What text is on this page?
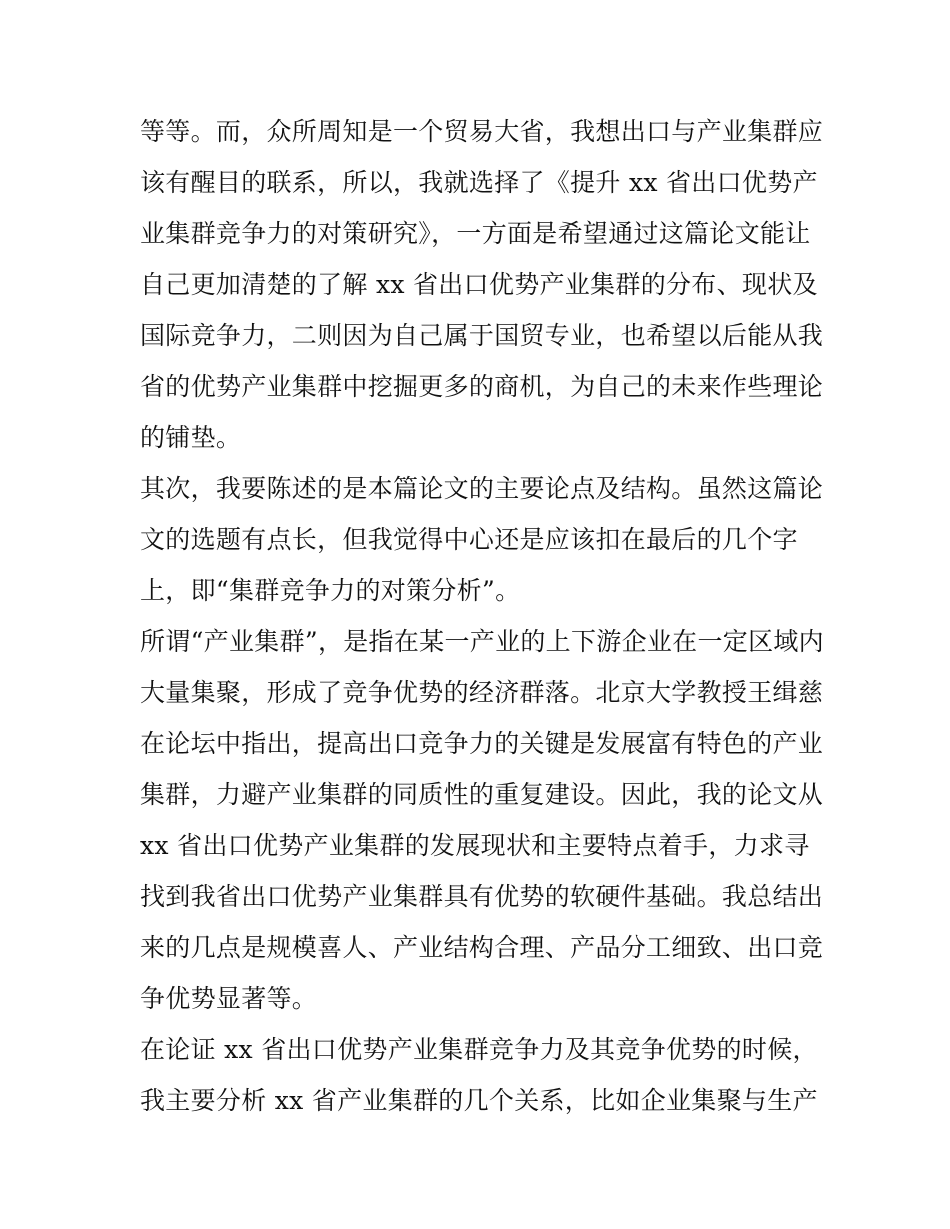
等等。而，众所周知是一个贸易大省，我想出口与产业集群应
该有醒目的联系，所以，我就选择了《提升 xx 省出口优势产
业集群竞争力的对策研究》，一方面是希望通过这篇论文能让
自己更加清楚的了解 xx 省出口优势产业集群的分布、现状及
国际竞争力，二则因为自己属于国贸专业，也希望以后能从我
省的优势产业集群中挖掘更多的商机，为自己的未来作些理论
的铺垫。
其次，我要陈述的是本篇论文的主要论点及结构。虽然这篇论
文的选题有点长，但我觉得中心还是应该扣在最后的几个字
上，即“集群竞争力的对策分析”。
所谓“产业集群”，是指在某一产业的上下游企业在一定区域内
大量集聚，形成了竞争优势的经济群落。北京大学教授王缉慈
在论坛中指出，提高出口竞争力的关键是发展富有特色的产业
集群，力避产业集群的同质性的重复建设。因此，我的论文从
xx 省出口优势产业集群的发展现状和主要特点着手，力求寻
找到我省出口优势产业集群具有优势的软硬件基础。我总结出
来的几点是规模喜人、产业结构合理、产品分工细致、出口竞
争优势显著等。
在论证 xx 省出口优势产业集群竞争力及其竞争优势的时候，
我主要分析 xx 省产业集群的几个关系，比如企业集聚与生产
